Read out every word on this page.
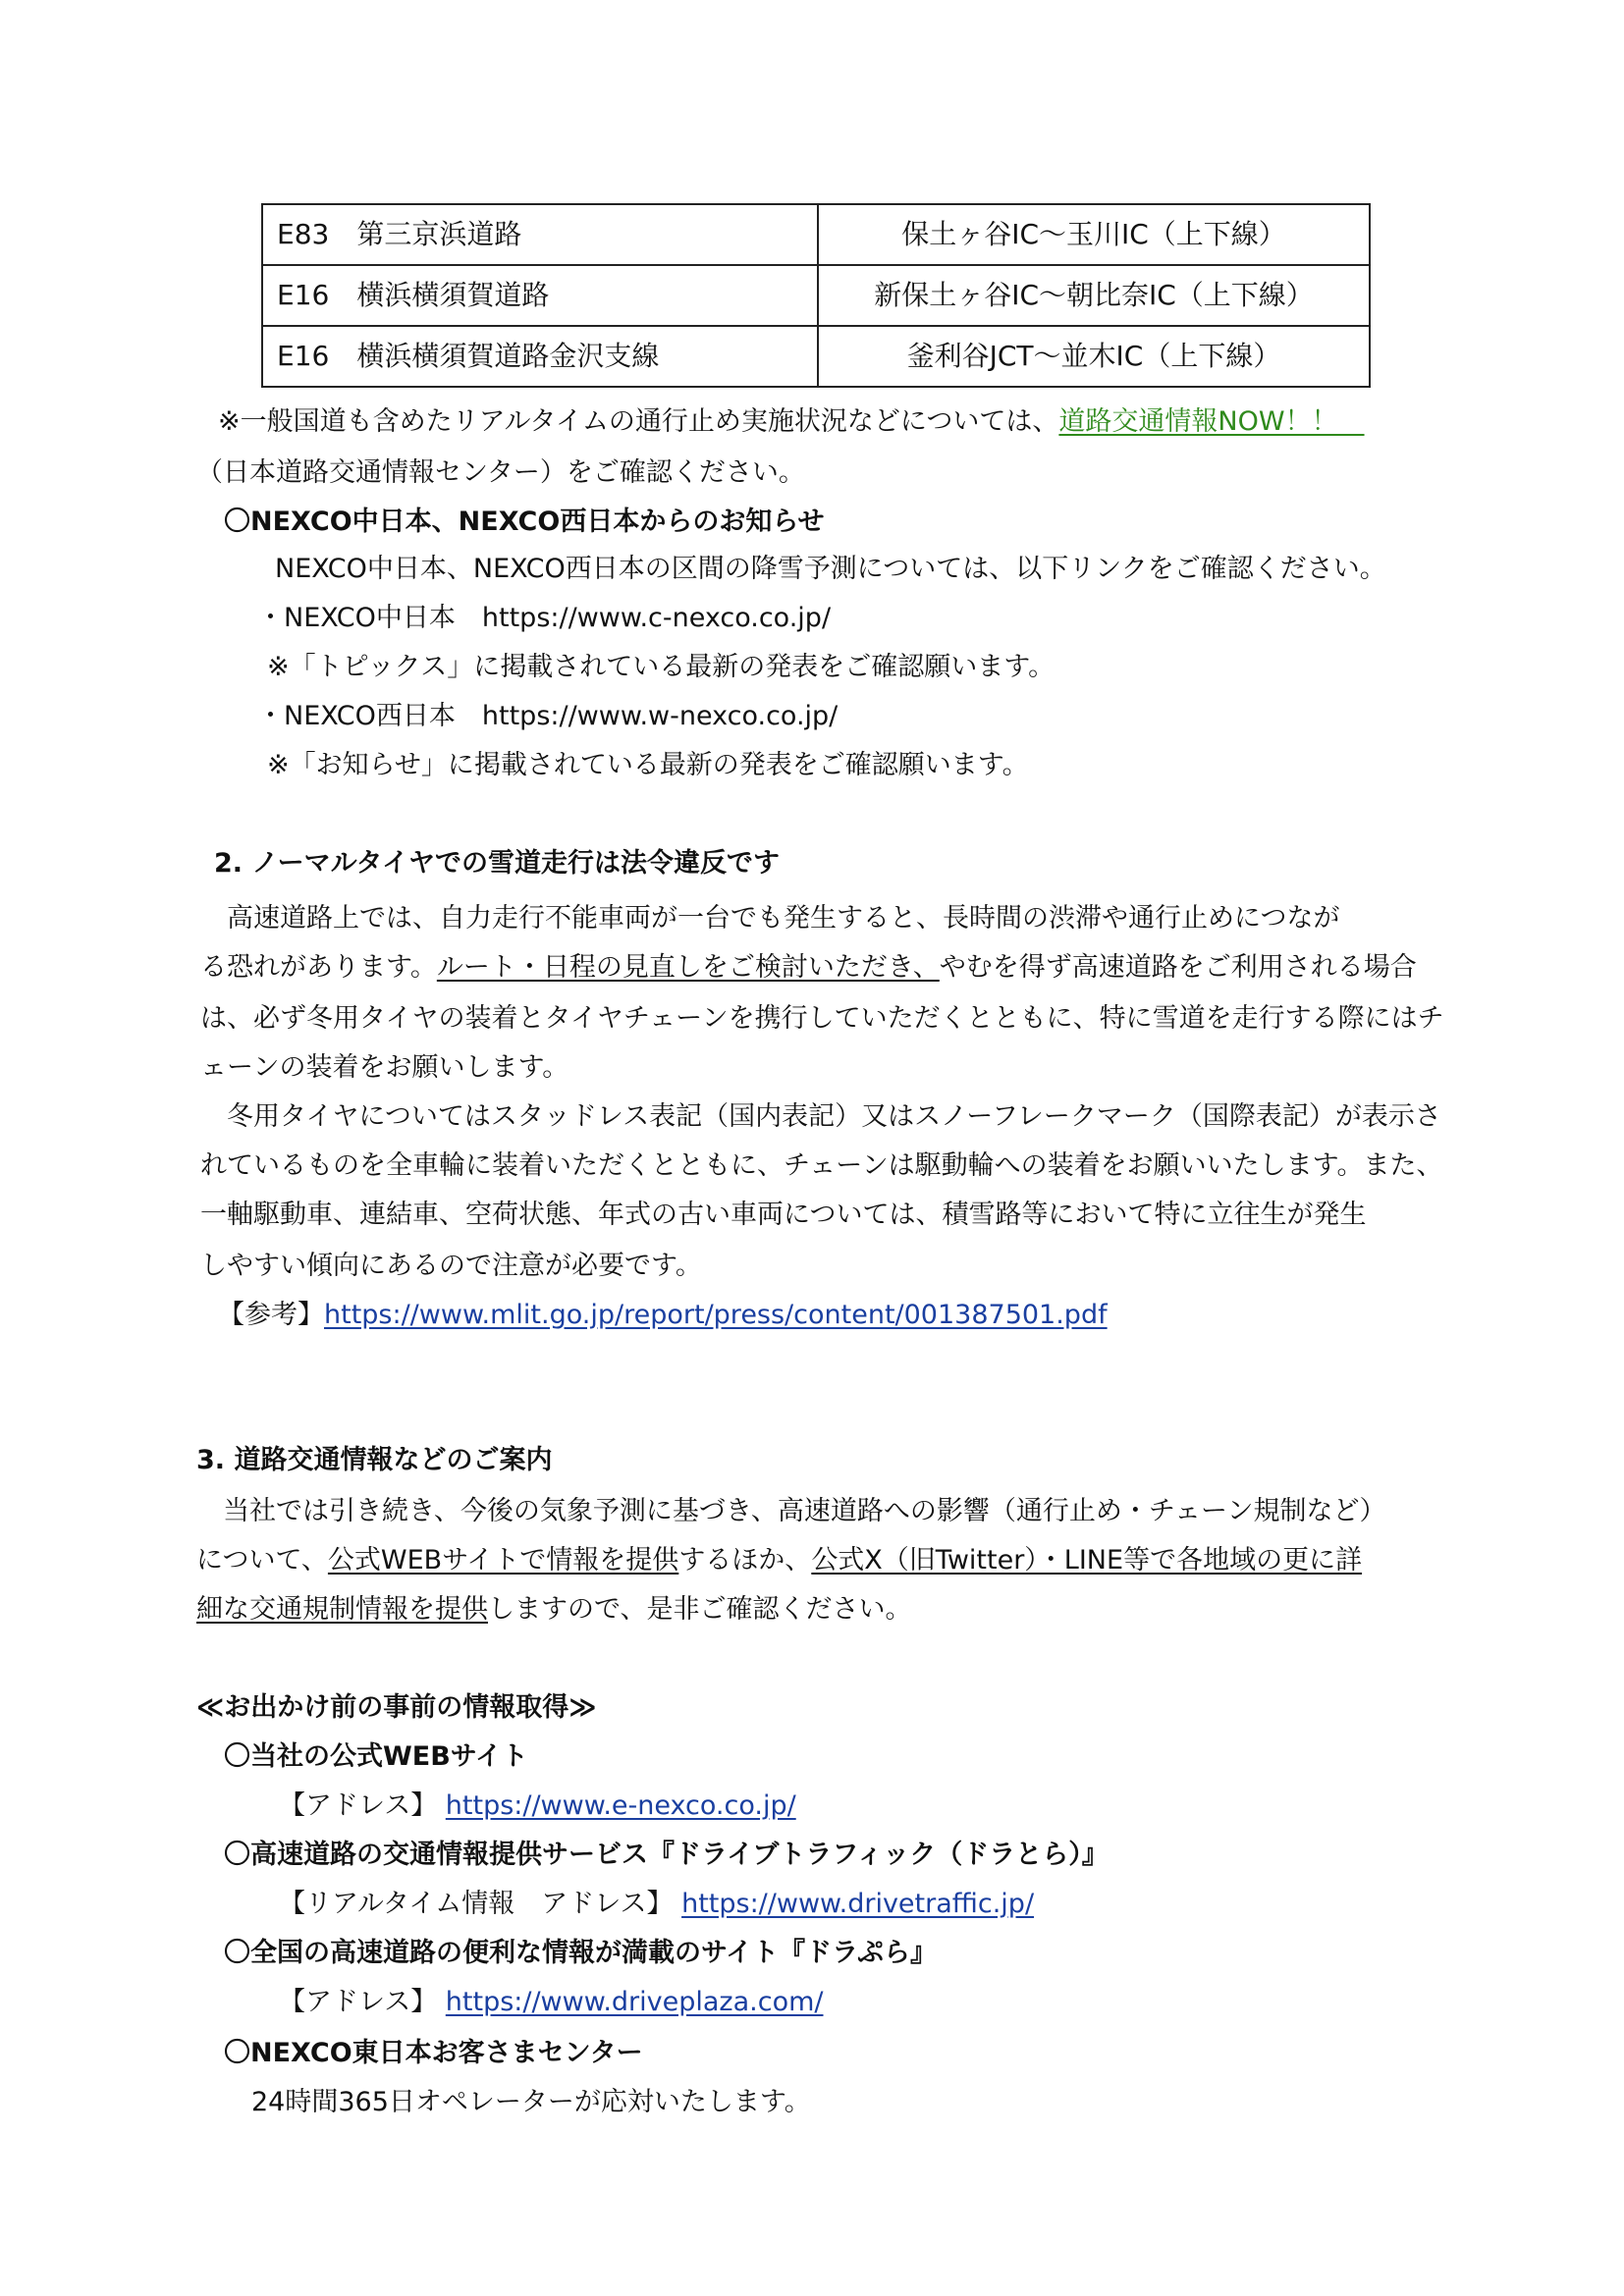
E83　第三京浜道路	保土ヶ谷IC～玉川IC（上下線）
E16　横浜横須賀道路	新保土ヶ谷IC～朝比奈IC（上下線）
E16　横浜横須賀道路金沢支線	釜利谷JCT～並木IC（上下線）
※一般国道も含めたリアルタイムの通行止め実施状況などについては、道路交通情報NOW！！　
（日本道路交通情報センター）をご確認ください。
〇NEXCO中日本、NEXCO西日本からのお知らせ
NEXCO中日本、NEXCO西日本の区間の降雪予測については、以下リンクをご確認ください。
・NEXCO中日本　https://www.c-nexco.co.jp/
※「トピックス」に掲載されている最新の発表をご確認願います。
・NEXCO西日本　https://www.w-nexco.co.jp/
※「お知らせ」に掲載されている最新の発表をご確認願います。
2. ノーマルタイヤでの雪道走行は法令違反です
　高速道路上では、自力走行不能車両が一台でも発生すると、長時間の渋滞や通行止めにつなが
る恐れがあります。ルート・日程の見直しをご検討いただき、やむを得ず高速道路をご利用される場合
は、必ず冬用タイヤの装着とタイヤチェーンを携行していただくとともに、特に雪道を走行する際にはチ
ェーンの装着をお願いします。
　冬用タイヤについてはスタッドレス表記（国内表記）又はスノーフレークマーク（国際表記）が表示さ
れているものを全車輪に装着いただくとともに、チェーンは駆動輪への装着をお願いいたします。また、
一軸駆動車、連結車、空荷状態、年式の古い車両については、積雪路等において特に立往生が発生
しやすい傾向にあるので注意が必要です。
【参考】https://www.mlit.go.jp/report/press/content/001387501.pdf
3. 道路交通情報などのご案内
　当社では引き続き、今後の気象予測に基づき、高速道路への影響（通行止め・チェーン規制など）
について、公式WEBサイトで情報を提供するほか、公式X（旧Twitter）・LINE等で各地域の更に詳
細な交通規制情報を提供しますので、是非ご確認ください。
≪お出かけ前の事前の情報取得≫
〇当社の公式WEBサイト
【アドレス】 https://www.e-nexco.co.jp/
〇高速道路の交通情報提供サービス『ドライブトラフィック（ドラとら）』
【リアルタイム情報　アドレス】 https://www.drivetraffic.jp/
〇全国の高速道路の便利な情報が満載のサイト『ドラぷら』
【アドレス】 https://www.driveplaza.com/
〇NEXCO東日本お客さまセンター
24時間365日オペレーターが応対いたします。
